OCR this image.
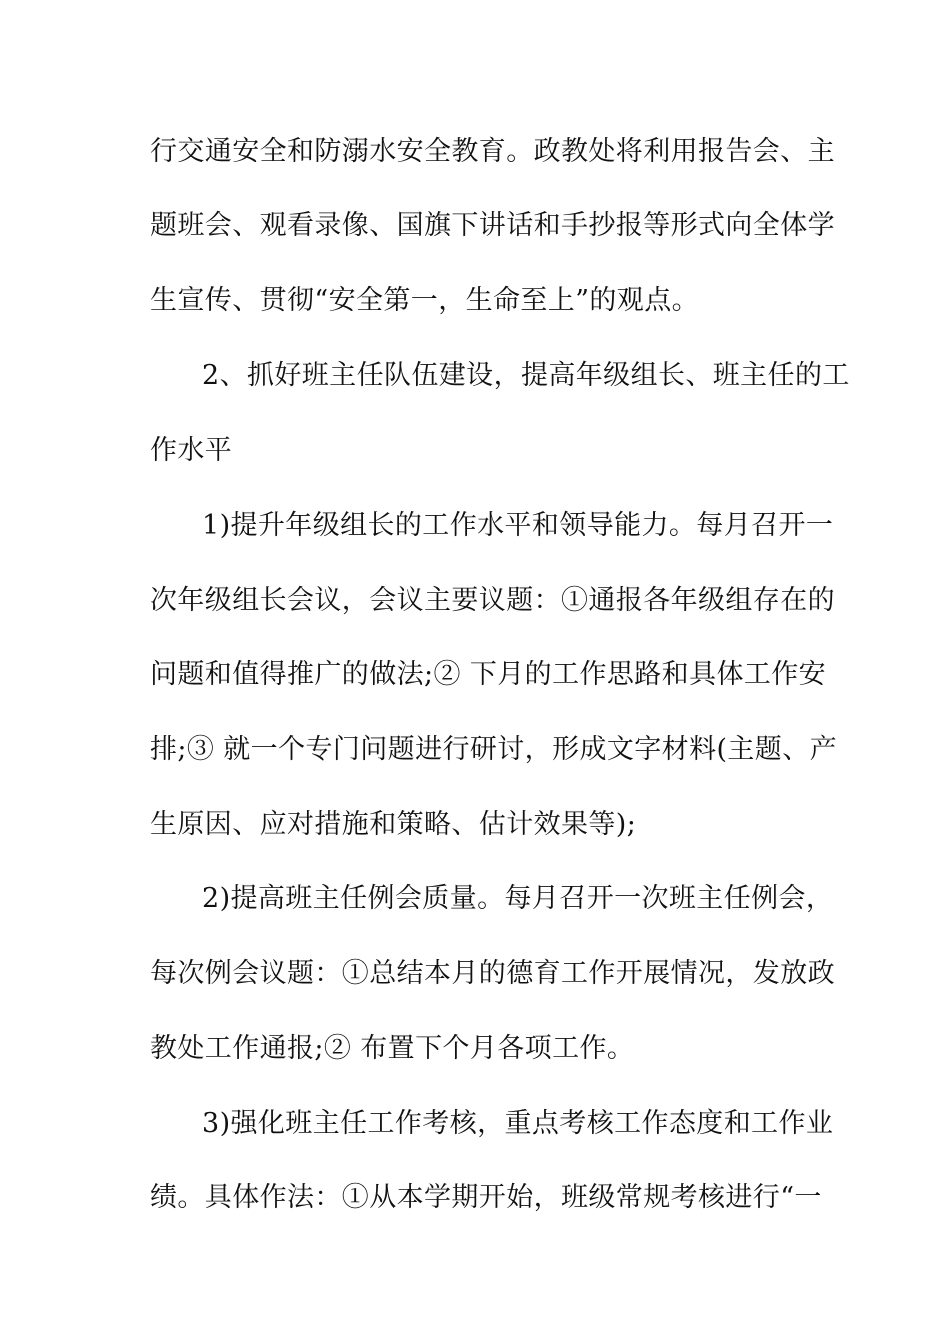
行交通安全和防溺水安全教育。政教处将利用报告会、主
题班会、观看录像、国旗下讲话和手抄报等形式向全体学
生宣传、贯彻“安全第一，生命至上”的观点。
2、抓好班主任队伍建设，提高年级组长、班主任的工
作水平
1)提升年级组长的工作水平和领导能力。每月召开一
次年级组长会议，会议主要议题：①通报各年级组存在的
问题和值得推广的做法;② 下月的工作思路和具体工作安
排;③ 就一个专门问题进行研讨，形成文字材料(主题、产
生原因、应对措施和策略、估计效果等);
2)提高班主任例会质量。每月召开一次班主任例会，
每次例会议题：①总结本月的德育工作开展情况，发放政
教处工作通报;② 布置下个月各项工作。
3)强化班主任工作考核，重点考核工作态度和工作业
绩。具体作法：①从本学期开始，班级常规考核进行“一
